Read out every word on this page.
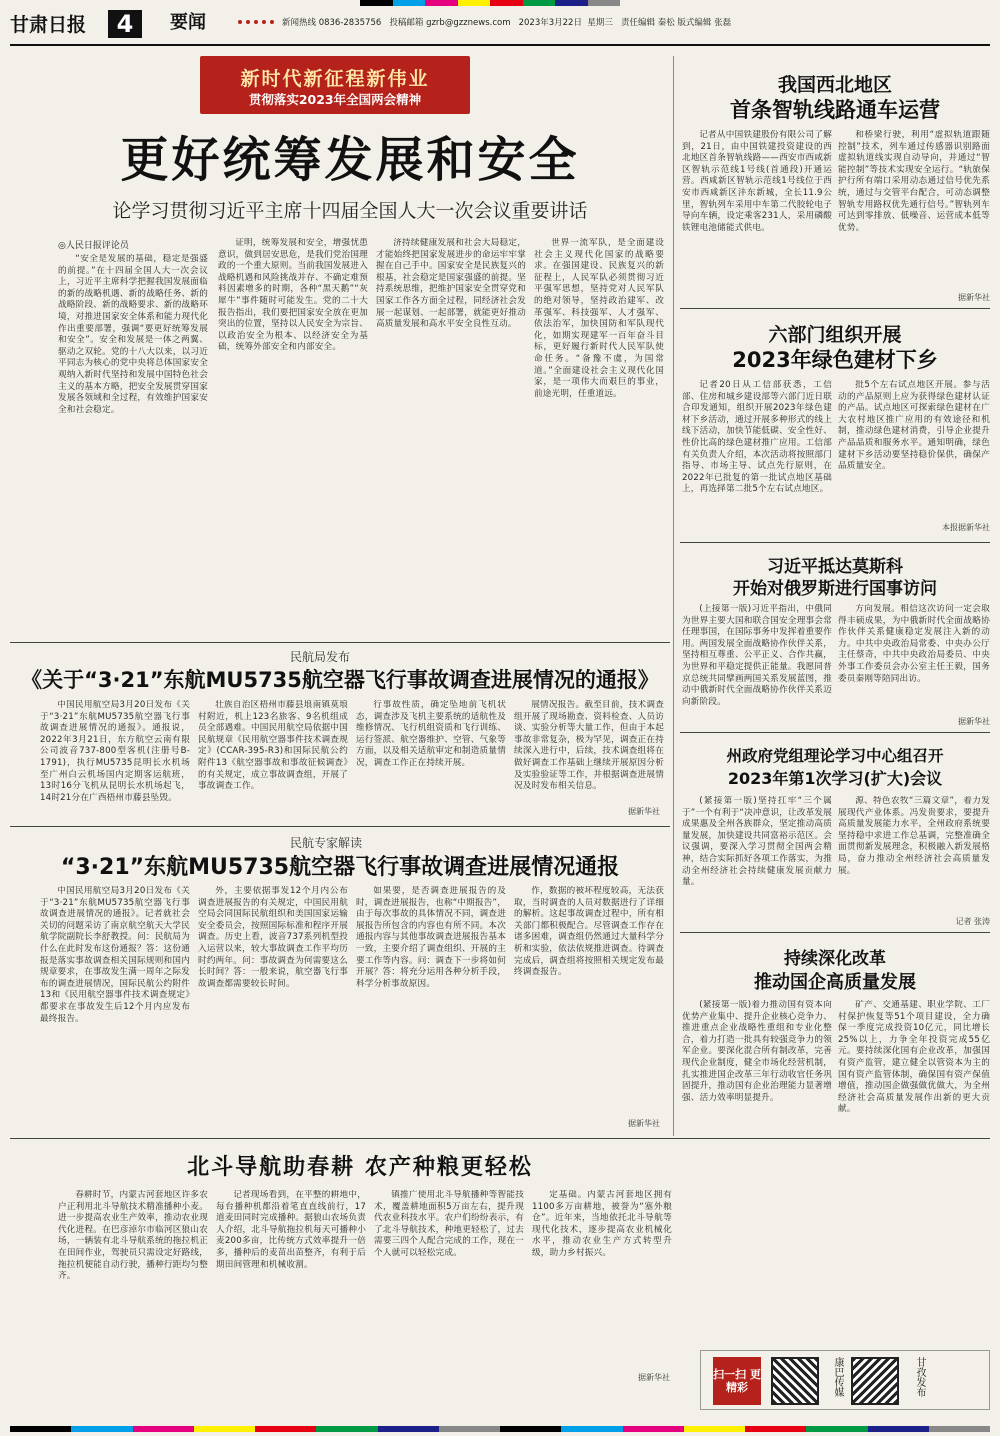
甘肃日报	4	要闻	新闻热线 0836-2835756 投稿邮箱 gzrb@gzznews.com 2023年3月22日 星期三 责任编辑 秦松 版式编辑 张磊
新时代新征程新伟业
贯彻落实2023年全国两会精神
更好统筹发展和安全
论学习贯彻习近平主席十四届全国人大一次会议重要讲话
◎人民日报评论员
“安全是发展的基础，稳定是强盛的前提。”在十四届全国人大一次会议上，习近平主席科学把握我国发展面临的新的战略机遇、新的战略任务、新的战略阶段、新的战略要求、新的战略环境，对推进国家安全体系和能力现代化作出重要部署，强调“要更好统筹发展和安全”。安全和发展是一体之两翼、驱动之双轮。党的十八大以来，以习近平同志为核心的党中央将总体国家安全观纳入新时代坚持和发展中国特色社会主义的基本方略，把安全发展贯穿国家发展各领域和全过程，有效维护国家安全和社会稳定。
证明，统筹发展和安全，增强忧患意识，做到居安思危，是我们党治国理政的一个重大原则。当前我国发展进入战略机遇和风险挑战并存、不确定难预料因素增多的时期，各种“黑天鹅”“灰犀牛”事件随时可能发生。党的二十大报告指出，我们要把国家安全放在更加突出的位置，坚持以人民安全为宗旨、以政治安全为根本、以经济安全为基础，统筹外部安全和内部安全。
济持续健康发展和社会大局稳定，才能始终把国家发展进步的命运牢牢掌握在自己手中。国家安全是民族复兴的根基，社会稳定是国家强盛的前提。坚持系统思维，把维护国家安全贯穿党和国家工作各方面全过程，同经济社会发展一起谋划、一起部署，就能更好推动高质量发展和高水平安全良性互动。
世界一流军队，是全面建设社会主义现代化国家的战略要求。在强国建设、民族复兴的新征程上，人民军队必须贯彻习近平强军思想，坚持党对人民军队的绝对领导，坚持政治建军、改革强军、科技强军、人才强军、依法治军，加快国防和军队现代化，如期实现建军一百年奋斗目标，更好履行新时代人民军队使命任务。“备豫不虞，为国常道。”全面建设社会主义现代化国家，是一项伟大而艰巨的事业，前途光明，任重道远。
我国西北地区
首条智轨线路通车运营
记者从中国铁建股份有限公司了解到，21日，由中国铁建投资建设的西北地区首条智轨线路——西安市西咸新区智轨示范线1号线(首通段)开通运营。西咸新区智轨示范线1号线位于西安市西咸新区沣东新城，全长11.9公里，智轨列车采用中车第二代胶轮电子导向车辆，设定乘客231人，采用磷酸铁锂电池储能式供电。
和桥梁行驶，利用“虚拟轨道跟随控制”技术，列车通过传感器识别路面虚拟轨道线实现自动导向，并通过“智能控制”等技术实现安全运行。“轨旅保护行所有端口采用动态通过信号优先系统，通过与交管平台配合，可动态调整智轨专用路权优先通行信号。”智轨列车可达到零排放、低噪音、运营成本低等优势。
据新华社
六部门组织开展
2023年绿色建材下乡
记者20日从工信部获悉，工信部、住房和城乡建设部等六部门近日联合印发通知，组织开展2023年绿色建材下乡活动，通过开展多种形式的线上线下活动，加快节能低碳、安全性好、性价比高的绿色建材推广应用。工信部有关负责人介绍，本次活动将按照部门指导、市场主导、试点先行原则，在2022年已批复的第一批试点地区基础上，再选择第二批5个左右试点地区。
批5个左右试点地区开展。参与活动的产品原则上应为获得绿色建材认证的产品。试点地区可探索绿色建材在广大农村地区推广应用的有效途径和机制，推动绿色建材消费，引导企业提升产品品质和服务水平。通知明确，绿色建材下乡活动要坚持稳价保供，确保产品质量安全。
本报据新华社
习近平抵达莫斯科
开始对俄罗斯进行国事访问
(上接第一版)习近平指出，中俄同为世界主要大国和联合国安全理事会常任理事国，在国际事务中发挥着重要作用。两国发展全面战略协作伙伴关系，坚持相互尊重、公平正义、合作共赢，为世界和平稳定提供正能量。我愿同普京总统共同擘画两国关系发展蓝图，推动中俄新时代全面战略协作伙伴关系迈向新阶段。
方向发展。相信这次访问一定会取得丰硕成果，为中俄新时代全面战略协作伙伴关系健康稳定发展注入新的动力。中共中央政治局常委、中央办公厅主任蔡奇，中共中央政治局委员、中央外事工作委员会办公室主任王毅，国务委员秦刚等陪同出访。
据新华社
州政府党组理论学习中心组召开
2023年第1次学习(扩大)会议
(紧接第一版)坚持扛牢“三个属于”一个有利于“决冲意识，让改革发展成果惠及全州各族群众，坚定推动高质量发展，加快建设共同富裕示范区。会议强调，要深入学习贯彻全国两会精神，结合实际抓好各项工作落实，为推动全州经济社会持续健康发展贡献力量。
源、特色农牧“三篇文章”，着力发展现代产业体系。冯发贵要求，要提升高质量发展能力水平，全州政府系统要坚持稳中求进工作总基调，完整准确全面贯彻新发展理念，积极融入新发展格局，奋力推动全州经济社会高质量发展。
记者 张涛
持续深化改革
推动国企高质量发展
(紧接第一版)着力推动国有资本向优势产业集中、提升企业核心竞争力、推进重点企业战略性重组和专业化整合，着力打造一批具有较强竞争力的领军企业。要深化混合所有制改革，完善现代企业制度，健全市场化经营机制，扎实推进国企改革三年行动收官任务巩固提升，推动国有企业治理能力显著增强、活力效率明显提升。
矿产、交通基建、职业学院、工厂村保护恢复等51个项目建设，全力确保一季度完成投资10亿元，同比增长25%以上，力争全年投资完成55亿元。要持续深化国有企业改革，加强国有资产监管，建立健全以管资本为主的国有资产监管体制，确保国有资产保值增值，推动国企做强做优做大，为全州经济社会高质量发展作出新的更大贡献。
民航局发布
《关于“3·21”东航MU5735航空器飞行事故调查进展情况的通报》
中国民用航空局3月20日发布《关于“3·21”东航MU5735航空器飞行事故调查进展情况的通报》。通报说，2022年3月21日，东方航空云南有限公司波音737-800型客机(注册号B-1791)，执行MU5735昆明长水机场至广州白云机场国内定期客运航班，13时16分飞机从昆明长水机场起飞，14时21分在广西梧州市藤县坠毁。
壮族自治区梧州市藤县埌南镇莫埌村附近，机上123名旅客、9名机组成员全部遇难。中国民用航空局依据中国民航规章《民用航空器事件技术调查规定》(CCAR-395-R3)和国际民航公约附件13《航空器事故和事故征候调查》的有关规定，成立事故调查组，开展了事故调查工作。
行事故性质，确定坠地前飞机状态，调查涉及飞机主要系统的适航性及维修情况、飞行机组资质和飞行训练、运行签派、航空器维护、空管、气象等方面，以及相关适航审定和制造质量情况，调查工作正在持续开展。
展情况报告。截至目前，技术调查组开展了现场勘查、资料检查、人员访谈、实验分析等大量工作，但由于本起事故非常复杂，极为罕见，调查正在持续深入进行中，后续，技术调查组将在做好调查工作基础上继续开展原因分析及实验验证等工作，并根据调查进展情况及时发布相关信息。
据新华社
民航专家解读
“3·21”东航MU5735航空器飞行事故调查进展情况通报
中国民用航空局3月20日发布《关于“3·21”东航MU5735航空器飞行事故调查进展情况的通报》。记者就社会关切的问题采访了南京航空航天大学民航学院副院长李舒教授。问：民航局为什么在此时发布这份通报？答：这份通报是落实事故调查相关国际规则和国内规章要求，在事故发生满一周年之际发布的调查进展情况，国际民航公约附件13和《民用航空器事件技术调查规定》都要求在事故发生后12个月内应发布最终报告。
外，主要依据事发12个月内公布调查进展报告的有关规定，中国民用航空局会同国际民航组织和美国国家运输安全委员会，按照国际标准和程序开展调查。历史上看，波音737系列机型投入运营以来，较大事故调查工作平均历时约两年。问：事故调查为何需要这么长时间？答：一般来说，航空器飞行事故调查都需要较长时间。
如果要，是否调查进展报告的及时，调查进展报告，也称“中期报告”，由于每次事故的具体情况不同，调查进展报告所包含的内容也有所不同。本次通报内容与其他事故调查进展报告基本一致，主要介绍了调查组织、开展的主要工作等内容。问：调查下一步将如何开展？答：将充分运用各种分析手段，科学分析事故原因。
作，数据的被坏程度较高，无法获取，当时调查的人员对数据进行了详细的解析。这起事故调查过程中，所有相关部门都积极配合。尽管调查工作存在诸多困难，调查组仍然通过大量科学分析和实验，依法依规推进调查。待调查完成后，调查组将按照相关规定发布最终调查报告。
据新华社
北斗导航助春耕 农产种粮更轻松
春耕时节，内蒙古河套地区许多农户正利用北斗导航技术精准播种小麦。进一步提高农业生产效率，推动农业现代化进程。在巴彦淖尔市临河区狼山农场，一辆装有北斗导航系统的拖拉机正在田间作业，驾驶员只需设定好路线，拖拉机便能自动行驶，播种行距均匀整齐。
记者现场看到，在平整的耕地中，每台播种机都沿着笔直直线前行，17道麦田同时完成播种。据狼山农场负责人介绍，北斗导航拖拉机每天可播种小麦200多亩，比传统方式效率提升一倍多，播种后的麦苗出苗整齐，有利于后期田间管理和机械收割。
镇推广使用北斗导航播种等智能技术，覆盖耕地面积5万亩左右，提升现代农业科技水平。农户们纷纷表示，有了北斗导航技术，种地更轻松了，过去需要三四个人配合完成的工作，现在一个人就可以轻松完成。
定基础。内蒙古河套地区拥有1100多万亩耕地，被誉为“塞外粮仓”。近年来，当地依托北斗导航等现代化技术，逐步提高农业机械化水平，推动农业生产方式转型升级，助力乡村振兴。
据新华社	扫一扫 更精彩	康巴传媒	甘孜发布
